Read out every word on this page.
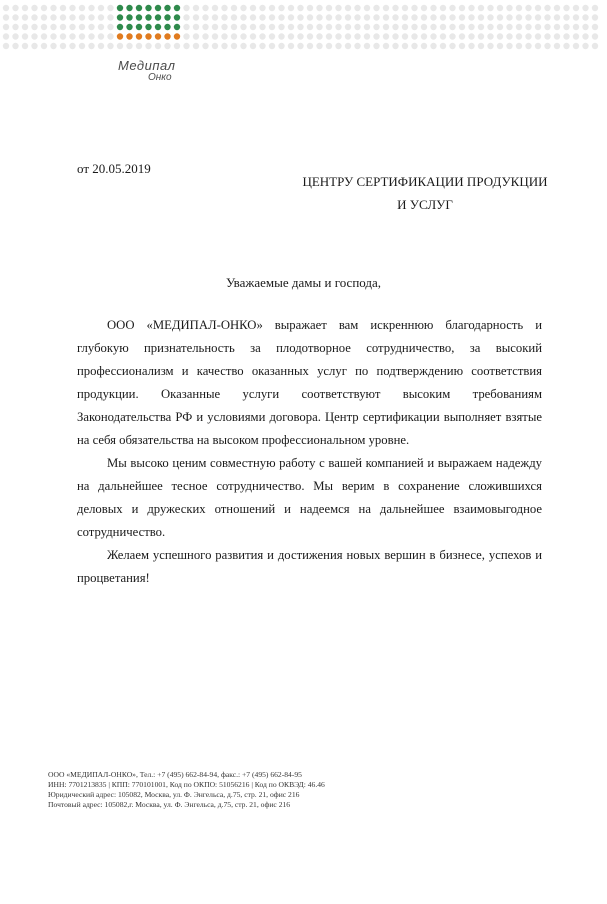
Медипал
Онко
от 20.05.2019
ЦЕНТРУ СЕРТИФИКАЦИИ ПРОДУКЦИИ
И УСЛУГ
Уважаемые дамы и господа,

ООО «МЕДИПАЛ-ОНКО» выражает вам искреннюю благодарность и глубокую признательность за плодотворное сотрудничество, за высокий профессионализм и качество оказанных услуг по подтверждению соответствия продукции. Оказанные услуги соответствуют высоким требованиям Законодательства РФ и условиями договора. Центр сертификации выполняет взятые на себя обязательства на высоком профессиональном уровне.

Мы высоко ценим совместную работу с вашей компанией и выражаем надежду на дальнейшее тесное сотрудничество. Мы верим в сохранение сложившихся деловых и дружеских отношений и надеемся на дальнейшее взаимовыгодное сотрудничество.

Желаем успешного развития и достижения новых вершин в бизнесе, успехов и процветания!

ООО «МЕДИПАЛ-ОНКО», Тел.: +7 (495) 662-84-94, факс.: +7 (495) 662-84-95
ИНН: 7701213835 | КПП: 770101001, Код по ОКПО: 51056216 | Код по ОКВЭД: 46.46
Юридический адрес: 105082, Москва, ул. Ф. Энгельса, д.75, стр. 21, офис 216
Почтовый адрес: 105082,г. Москва, ул. Ф. Энгельса, д.75, стр. 21, офис 216
